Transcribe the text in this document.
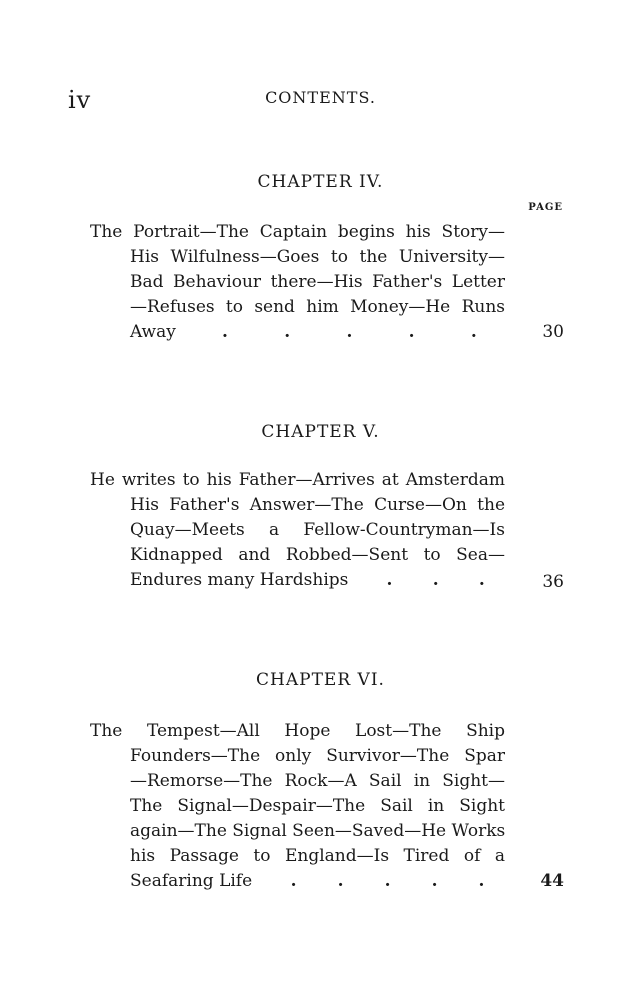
iv	CONTENTS.
PAGE
CHAPTER IV.
The Portrait—The Captain begins his Story—
His Wilfulness—Goes to the University—
Bad Behaviour there—His Father's Letter
—Refuses to send him Money—He Runs
Away	.	.	.	.	.	30
CHAPTER V.
He writes to his Father—Arrives at Amsterdam
His Father's Answer—The Curse—On the
Quay—Meets a Fellow-Countryman—Is
Kidnapped and Robbed—Sent to Sea—
Endures many Hardships . . .	36
CHAPTER VI.
The Tempest—All Hope Lost—The Ship
Founders—The only Survivor—The Spar
—Remorse—The Rock—A Sail in Sight—
The Signal—Despair—The Sail in Sight
again—The Signal Seen—Saved—He Works
his Passage to England—Is Tired of a
Seafaring Life . . . . .	44
